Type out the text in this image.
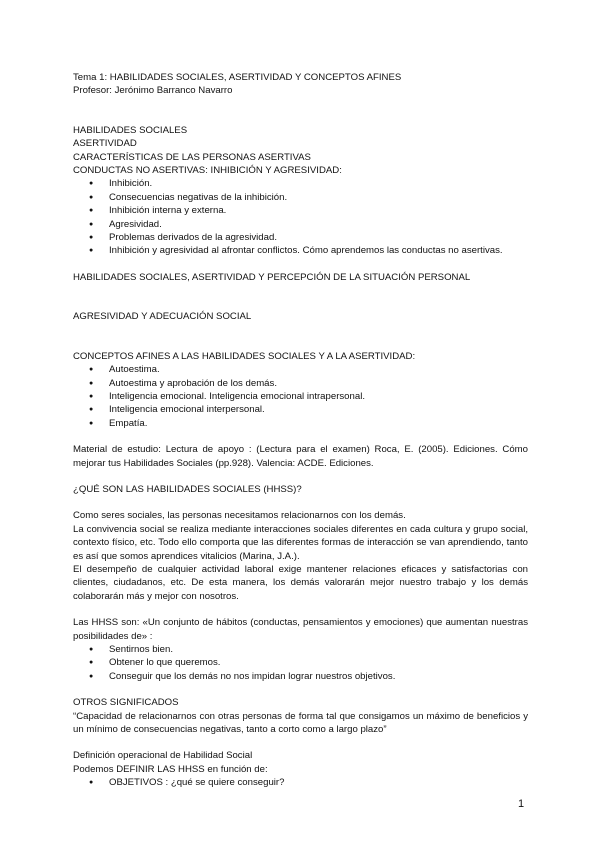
Tema 1: HABILIDADES SOCIALES, ASERTIVIDAD Y CONCEPTOS AFINES

Profesor: Jerónimo Barranco Navarro

HABILIDADES SOCIALES

ASERTIVIDAD

CARACTERÍSTICAS DE LAS PERSONAS ASERTIVAS

CONDUCTAS NO ASERTIVAS: INHIBICIÓN Y AGRESIVIDAD:

● Inhibición.
● Consecuencias negativas de la inhibición.
● Inhibición interna y externa.
● Agresividad.
● Problemas derivados de la agresividad.
● Inhibición y agresividad al afrontar conflictos. Cómo aprendemos las conductas no asertivas.

HABILIDADES SOCIALES, ASERTIVIDAD Y PERCEPCIÓN DE LA SITUACIÓN PERSONAL

AGRESIVIDAD Y ADECUACIÓN SOCIAL

CONCEPTOS AFINES A LAS HABILIDADES SOCIALES Y A LA ASERTIVIDAD:

● Autoestima.
● Autoestima y aprobación de los demás.
● Inteligencia emocional. Inteligencia emocional intrapersonal.
● Inteligencia emocional interpersonal.
● Empatía.

Material de estudio: Lectura de apoyo : (Lectura para el examen) Roca, E. (2005). Ediciones. Cómo mejorar tus Habilidades Sociales (pp.928). Valencia: ACDE. Ediciones.

¿QUÉ SON LAS HABILIDADES SOCIALES (HHSS)?

Como seres sociales, las personas necesitamos relacionarnos con los demás.

La convivencia social se realiza mediante interacciones sociales diferentes en cada cultura y grupo social, contexto físico, etc. Todo ello comporta que las diferentes formas de interacción se van aprendiendo, tanto es así que somos aprendices vitalicios (Marina, J.A.).

El desempeño de cualquier actividad laboral exige mantener relaciones eficaces y satisfactorias con clientes, ciudadanos, etc. De esta manera, los demás valorarán mejor nuestro trabajo y los demás colaborarán más y mejor con nosotros.

Las HHSS son: «Un conjunto de hábitos (conductas, pensamientos y emociones) que aumentan nuestras posibilidades de» :

● Sentirnos bien.
● Obtener lo que queremos.
● Conseguir que los demás no nos impidan lograr nuestros objetivos.

OTROS SIGNIFICADOS

“Capacidad de relacionarnos con otras personas de forma tal que consigamos un máximo de beneficios y un mínimo de consecuencias negativas, tanto a corto como a largo plazo”

Definición operacional de Habilidad Social

Podemos DEFINIR LAS HHSS en función de:

● OBJETIVOS : ¿qué se quiere conseguir?
1
